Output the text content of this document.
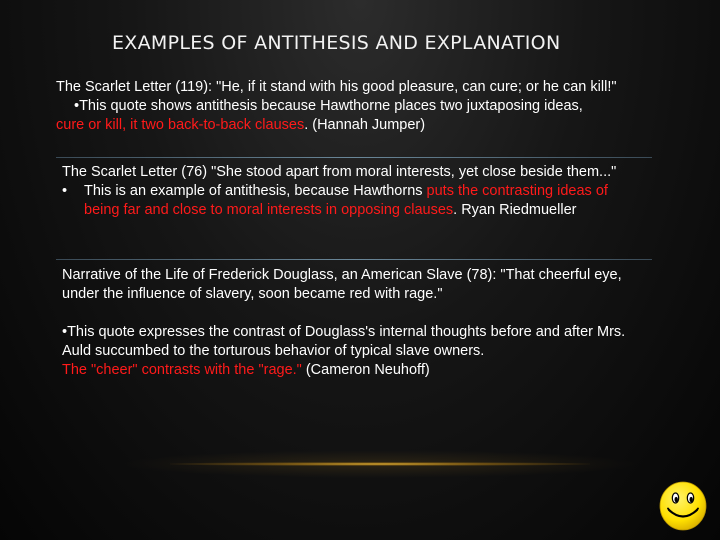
EXAMPLES OF ANTITHESIS AND EXPLANATION
The Scarlet Letter (119): "He, if it stand with his good pleasure, can cure; or he can kill!"
•This quote shows antithesis because Hawthorne places two juxtaposing ideas,
cure or kill, it two back-to-back clauses. (Hannah Jumper)
The Scarlet Letter (76) "She stood apart from moral interests, yet close beside them..."
•	This is an example of antithesis, because Hawthorns puts the contrasting ideas of being far and close to moral interests in opposing clauses. Ryan Riedmueller
Narrative of the Life of Frederick Douglass, an American Slave (78): "That cheerful eye, under the influence of slavery, soon became red with rage."
•This quote expresses the contrast of Douglass's internal thoughts before and after Mrs. Auld succumbed to the torturous behavior of typical slave owners.
The "cheer" contrasts with the "rage." (Cameron Neuhoff)
